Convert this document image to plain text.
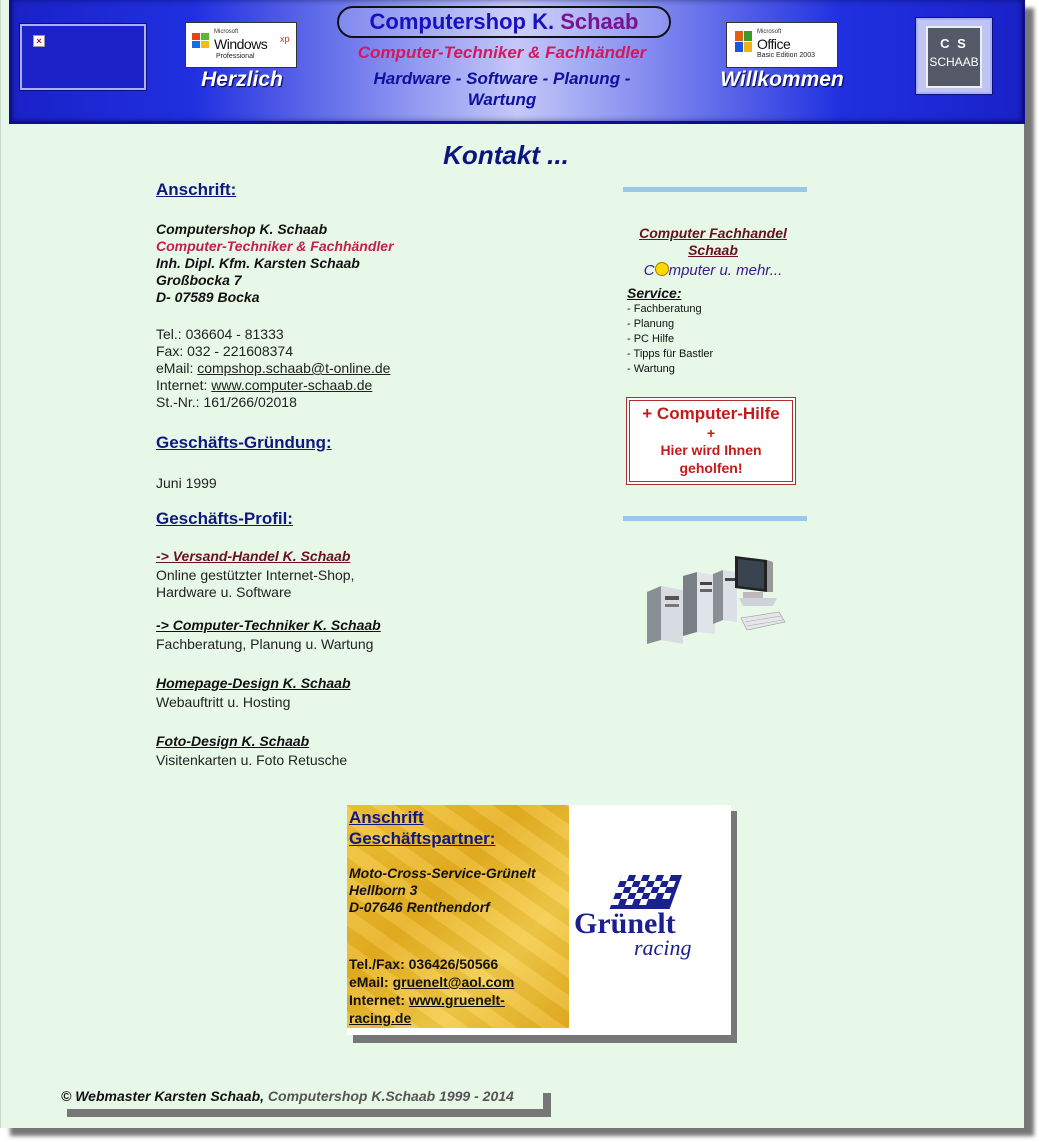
×
Microsoft
Windows xp
Professional
Herzlich
Computershop K. Schaab
Computer-Techniker & Fachhändler
Hardware - Software - Planung - Wartung
Microsoft
Office
Basic Edition 2003
Willkommen
C S
SCHAAB
Kontakt ...
Anschrift:
Computershop K. Schaab
Computer-Techniker & Fachhändler
Inh. Dipl. Kfm. Karsten Schaab
Großbocka 7
D- 07589 Bocka
Tel.: 036604 - 81333
Fax: 032 - 221608374
eMail: compshop.schaab@t-online.de
Internet: www.computer-schaab.de
St.-Nr.: 161/266/02018
Geschäfts-Gründung:
Juni 1999
Geschäfts-Profil:
-> Versand-Handel K. Schaab
Online gestützter Internet-Shop,
Hardware u. Software
-> Computer-Techniker K. Schaab
Fachberatung, Planung u. Wartung
Homepage-Design K. Schaab
Webauftritt u. Hosting
Foto-Design K. Schaab
Visitenkarten u. Foto Retusche
Computer Fachhandel
Schaab
C mputer u. mehr...
Service:
- Fachberatung
- Planung
- PC Hilfe
- Tipps für Bastler
- Wartung
+ Computer-Hilfe
+
Hier wird Ihnen
geholfen!
Anschrift
Geschäftspartner:
Moto-Cross-Service-Grünelt
Hellborn 3
D-07646 Renthendorf
Tel./Fax: 036426/50566
eMail: gruenelt@aol.com
Internet: www.gruenelt-
racing.de
Grünelt
racing
© Webmaster Karsten Schaab, Computershop K.Schaab 1999 - 2014
